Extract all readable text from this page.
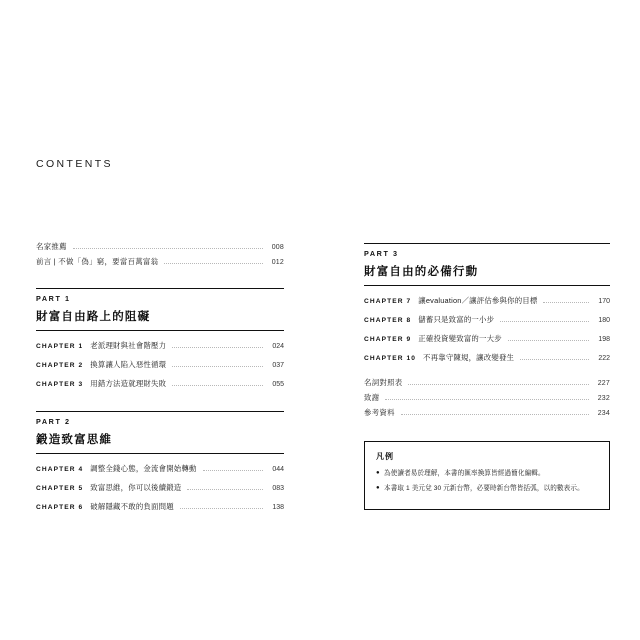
CONTENTS
名家推薦	008
前言 | 不做「偽」窮，要當百萬富翁	012
PART 1
財富自由路上的阻礙
CHAPTER 1 老派理財與社會階壓力	024
CHAPTER 2 換算讓人陷入惡性循環	037
CHAPTER 3 用錯方法造就理財失敗	055
PART 2
鍛造致富思維
CHAPTER 4 調整全錢心態，金流會開始轉動	044
CHAPTER 5 致富思維，你可以後續鍛造	083
CHAPTER 6 破解隱藏不敢的負面問題	138
PART 3
財富自由的必備行動
CHAPTER 7 讓evaluation／讓評估參與你的目標	170
CHAPTER 8 儲蓄只是致富的一小步	180
CHAPTER 9 正確投資變致富的一大步	198
CHAPTER 10 不再靠守陳規，讓改變發生	222
名詞對照表	227
致謝	232
參考資料	234
凡例
● 為使讀者易於理解，本書的匯率換算皆經過簡化編輯。
● 本書取 1 美元兌 30 元新台幣，必要時新台幣皆括弧，以的數表示。
